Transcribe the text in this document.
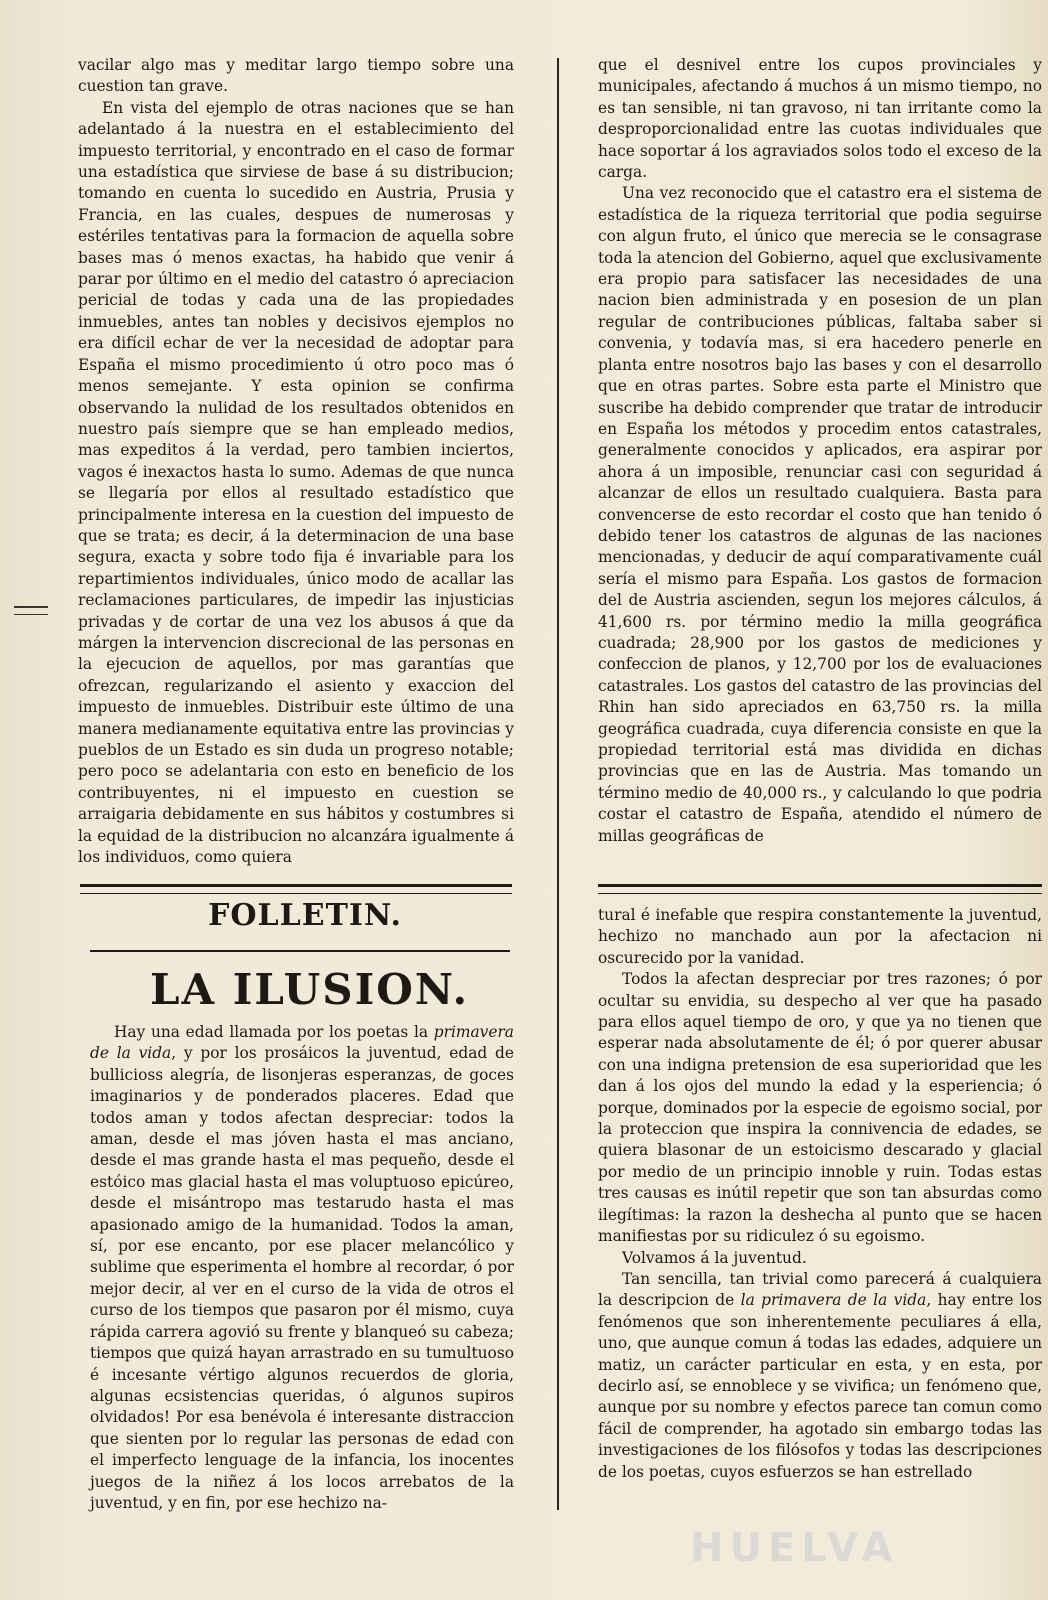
vacilar algo mas y meditar largo tiempo sobre una cuestion tan grave.

En vista del ejemplo de otras naciones que se han adelantado á la nuestra en el establecimiento del impuesto territorial, y encontrado en el caso de formar una estadística que sirviese de base á su distribucion; tomando en cuenta lo sucedido en Austria, Prusia y Francia, en las cuales, despues de numerosas y estériles tentativas para la formacion de aquella sobre bases mas ó menos exactas, ha habido que venir á parar por último en el medio del catastro ó apreciacion pericial de todas y cada una de las propiedades inmuebles, antes tan nobles y decisivos ejemplos no era difícil echar de ver la necesidad de adoptar para España el mismo procedimiento ú otro poco mas ó menos semejante. Y esta opinion se confirma observando la nulidad de los resultados obtenidos en nuestro país siempre que se han empleado medios, mas expeditos á la verdad, pero tambien inciertos, vagos é inexactos hasta lo sumo. Ademas de que nunca se llegaría por ellos al resultado estadístico que principalmente interesa en la cuestion del impuesto de que se trata; es decir, á la determinacion de una base segura, exacta y sobre todo fija é invariable para los repartimientos individuales, único modo de acallar las reclamaciones particulares, de impedir las injusticias privadas y de cortar de una vez los abusos á que da márgen la intervencion discrecional de las personas en la ejecucion de aquellos, por mas garantías que ofrezcan, regularizando el asiento y exaccion del impuesto de inmuebles. Distribuir este último de una manera medianamente equitativa entre las provincias y pueblos de un Estado es sin duda un progreso notable; pero poco se adelantaria con esto en beneficio de los contribuyentes, ni el impuesto en cuestion se arraigaria debidamente en sus hábitos y costumbres si la equidad de la distribucion no alcanzára igualmente á los individuos, como quiera

que el desnivel entre los cupos provinciales y municipales, afectando á muchos á un mismo tiempo, no es tan sensible, ni tan gravoso, ni tan irritante como la desproporcionalidad entre las cuotas individuales que hace soportar á los agraviados solos todo el exceso de la carga.

Una vez reconocido que el catastro era el sistema de estadística de la riqueza territorial que podia seguirse con algun fruto, el único que merecia se le consagrase toda la atencion del Gobierno, aquel que exclusivamente era propio para satisfacer las necesidades de una nacion bien administrada y en posesion de un plan regular de contribuciones públicas, faltaba saber si convenia, y todavía mas, si era hacedero penerle en planta entre nosotros bajo las bases y con el desarrollo que en otras partes. Sobre esta parte el Ministro que suscribe ha debido comprender que tratar de introducir en España los métodos y procedim entos catastrales, generalmente conocidos y aplicados, era aspirar por ahora á un imposible, renunciar casi con seguridad á alcanzar de ellos un resultado cualquiera. Basta para convencerse de esto recordar el costo que han tenido ó debido tener los catastros de algunas de las naciones mencionadas, y deducir de aquí comparativamente cuál sería el mismo para España. Los gastos de formacion del de Austria ascienden, segun los mejores cálculos, á 41,600 rs. por término medio la milla geográfica cuadrada; 28,900 por los gastos de mediciones y confeccion de planos, y 12,700 por los de evaluaciones catastrales. Los gastos del catastro de las provincias del Rhin han sido apreciados en 63,750 rs. la milla geográfica cuadrada, cuya diferencia consiste en que la propiedad territorial está mas dividida en dichas provincias que en las de Austria. Mas tomando un término medio de 40,000 rs., y calculando lo que podria costar el catastro de España, atendido el número de millas geográficas de

FOLLETIN.
LA ILUSION.

Hay una edad llamada por los poetas la primavera de la vida, y por los prosáicos la juventud, edad de bullicioss alegría, de lisonjeras esperanzas, de goces imaginarios y de ponderados placeres. Edad que todos aman y todos afectan despreciar: todos la aman, desde el mas jóven hasta el mas anciano, desde el mas grande hasta el mas pequeño, desde el estóico mas glacial hasta el mas voluptuoso epicúreo, desde el misántropo mas testarudo hasta el mas apasionado amigo de la humanidad. Todos la aman, sí, por ese encanto, por ese placer melancólico y sublime que esperimenta el hombre al recordar, ó por mejor decir, al ver en el curso de la vida de otros el curso de los tiempos que pasaron por él mismo, cuya rápida carrera agovió su frente y blanqueó su cabeza; tiempos que quizá hayan arrastrado en su tumultuoso é incesante vértigo algunos recuerdos de gloria, algunas ecsistencias queridas, ó algunos supiros olvidados! Por esa benévola é interesante distraccion que sienten por lo regular las personas de edad con el imperfecto lenguage de la infancia, los inocentes juegos de la niñez á los locos arrebatos de la juventud, y en fin, por ese hechizo na-

tural é inefable que respira constantemente la juventud, hechizo no manchado aun por la afectacion ni oscurecido por la vanidad.

Todos la afectan despreciar por tres razones; ó por ocultar su envidia, su despecho al ver que ha pasado para ellos aquel tiempo de oro, y que ya no tienen que esperar nada absolutamente de él; ó por querer abusar con una indigna pretension de esa superioridad que les dan á los ojos del mundo la edad y la esperiencia; ó porque, dominados por la especie de egoismo social, por la proteccion que inspira la connivencia de edades, se quiera blasonar de un estoicismo descarado y glacial por medio de un principio innoble y ruin. Todas estas tres causas es inútil repetir que son tan absurdas como ilegítimas: la razon la deshecha al punto que se hacen manifiestas por su ridiculez ó su egoismo.

Volvamos á la juventud.

Tan sencilla, tan trivial como parecerá á cualquiera la descripcion de la primavera de la vida, hay entre los fenómenos que son inherentemente peculiares á ella, uno, que aunque comun á todas las edades, adquiere un matiz, un carácter particular en esta, y en esta, por decirlo así, se ennoblece y se vivifica; un fenómeno que, aunque por su nombre y efectos parece tan comun como fácil de comprender, ha agotado sin embargo todas las investigaciones de los filósofos y todas las descripciones de los poetas, cuyos esfuerzos se han estrellado

HUELVA
